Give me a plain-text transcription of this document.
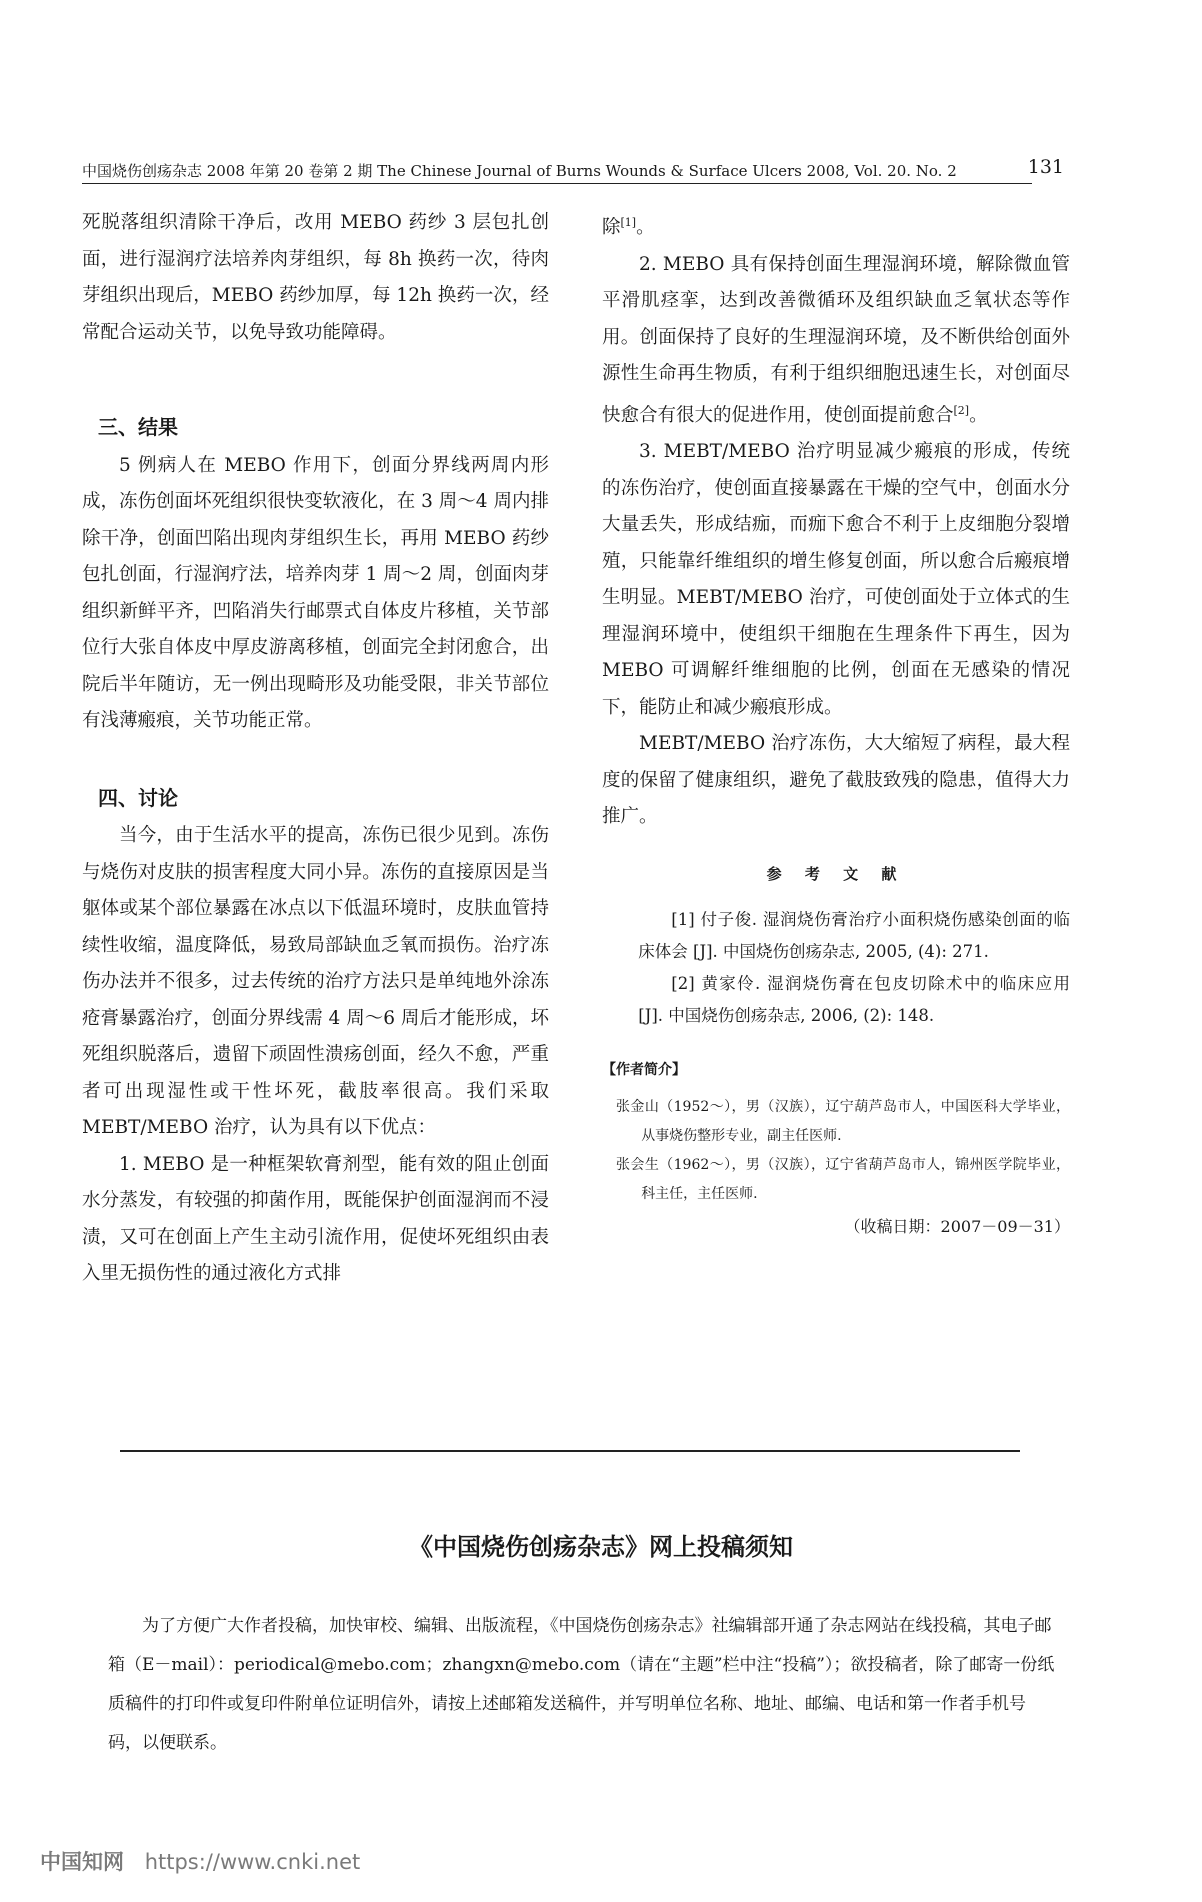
中国烧伤创疡杂志 2008 年第 20 卷第 2 期 The Chinese Journal of Burns Wounds & Surface Ulcers 2008, Vol. 20. No. 2	131

死脱落组织清除干净后，改用 MEBO 药纱 3 层包扎创面，进行湿润疗法培养肉芽组织，每 8h 换药一次，待肉芽组织出现后，MEBO 药纱加厚，每 12h 换药一次，经常配合运动关节，以免导致功能障碍。

三、结果

5 例病人在 MEBO 作用下，创面分界线两周内形成，冻伤创面坏死组织很快变软液化，在 3 周～4 周内排除干净，创面凹陷出现肉芽组织生长，再用 MEBO 药纱包扎创面，行湿润疗法，培养肉芽 1 周～2 周，创面肉芽组织新鲜平齐，凹陷消失行邮票式自体皮片移植，关节部位行大张自体皮中厚皮游离移植，创面完全封闭愈合，出院后半年随访，无一例出现畸形及功能受限，非关节部位有浅薄瘢痕，关节功能正常。

四、讨论

当今，由于生活水平的提高，冻伤已很少见到。冻伤与烧伤对皮肤的损害程度大同小异。冻伤的直接原因是当躯体或某个部位暴露在冰点以下低温环境时，皮肤血管持续性收缩，温度降低，易致局部缺血乏氧而损伤。治疗冻伤办法并不很多，过去传统的治疗方法只是单纯地外涂冻疮膏暴露治疗，创面分界线需 4 周～6 周后才能形成，坏死组织脱落后，遗留下顽固性溃疡创面，经久不愈，严重者可出现湿性或干性坏死，截肢率很高。我们采取 MEBT/MEBO 治疗，认为具有以下优点：

1. MEBO 是一种框架软膏剂型，能有效的阻止创面水分蒸发，有较强的抑菌作用，既能保护创面湿润而不浸渍，又可在创面上产生主动引流作用，促使坏死组织由表入里无损伤性的通过液化方式排

除[1]。

2. MEBO 具有保持创面生理湿润环境，解除微血管平滑肌痉挛，达到改善微循环及组织缺血乏氧状态等作用。创面保持了良好的生理湿润环境，及不断供给创面外源性生命再生物质，有利于组织细胞迅速生长，对创面尽快愈合有很大的促进作用，使创面提前愈合[2]。

3. MEBT/MEBO 治疗明显减少瘢痕的形成，传统的冻伤治疗，使创面直接暴露在干燥的空气中，创面水分大量丢失，形成结痂，而痂下愈合不利于上皮细胞分裂增殖，只能靠纤维组织的增生修复创面，所以愈合后瘢痕增生明显。MEBT/MEBO 治疗，可使创面处于立体式的生理湿润环境中，使组织干细胞在生理条件下再生，因为 MEBO 可调解纤维细胞的比例，创面在无感染的情况下，能防止和减少瘢痕形成。

MEBT/MEBO 治疗冻伤，大大缩短了病程，最大程度的保留了健康组织，避免了截肢致残的隐患，值得大力推广。

参 考 文 献

[1] 付子俊. 湿润烧伤膏治疗小面积烧伤感染创面的临床体会 [J]. 中国烧伤创疡杂志, 2005, (4): 271.

[2] 黄家伶. 湿润烧伤膏在包皮切除术中的临床应用 [J]. 中国烧伤创疡杂志, 2006, (2): 148.

【作者简介】

张金山（1952～），男（汉族），辽宁葫芦岛市人，中国医科大学毕业，从事烧伤整形专业，副主任医师.

张会生（1962～），男（汉族），辽宁省葫芦岛市人，锦州医学院毕业，科主任，主任医师.

（收稿日期：2007－09－31）
《中国烧伤创疡杂志》网上投稿须知

为了方便广大作者投稿，加快审校、编辑、出版流程，《中国烧伤创疡杂志》社编辑部开通了杂志网站在线投稿，其电子邮箱（E－mail）：periodical@mebo.com；zhangxn@mebo.com（请在“主题”栏中注“投稿”）；欲投稿者，除了邮寄一份纸质稿件的打印件或复印件附单位证明信外，请按上述邮箱发送稿件，并写明单位名称、地址、邮编、电话和第一作者手机号码，以便联系。

中国知网 https://www.cnki.net
